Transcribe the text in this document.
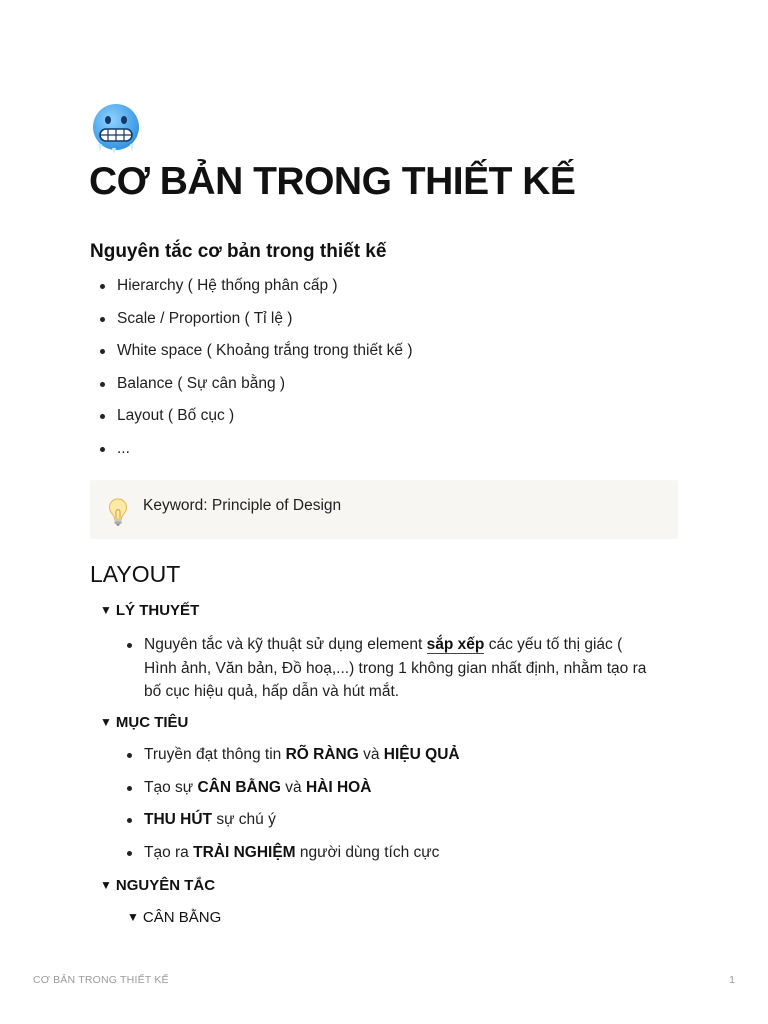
CƠ BẢN TRONG THIẾT KẾ
Nguyên tắc cơ bản trong thiết kế
Hierarchy ( Hệ thống phân cấp )
Scale / Proportion ( Tỉ lệ )
White space ( Khoảng trắng trong thiết kế )
Balance ( Sự cân bằng )
Layout ( Bố cục )
...
Keyword: Principle of Design
LAYOUT
▼ LÝ THUYẾT
Nguyên tắc và kỹ thuật sử dụng element sắp xếp các yếu tố thị giác ( Hình ảnh, Văn bản, Đồ hoạ,...) trong 1 không gian nhất định, nhằm tạo ra bố cục hiệu quả, hấp dẫn và hút mắt.
▼ MỤC TIÊU
Truyền đạt thông tin RÕ RÀNG và HIỆU QUẢ
Tạo sự CÂN BẰNG và HÀI HOÀ
THU HÚT sự chú ý
Tạo ra TRẢI NGHIỆM người dùng tích cực
▼ NGUYÊN TẮC
▼ CÂN BẰNG
CƠ BẢN TRONG THIẾT KẾ	1
